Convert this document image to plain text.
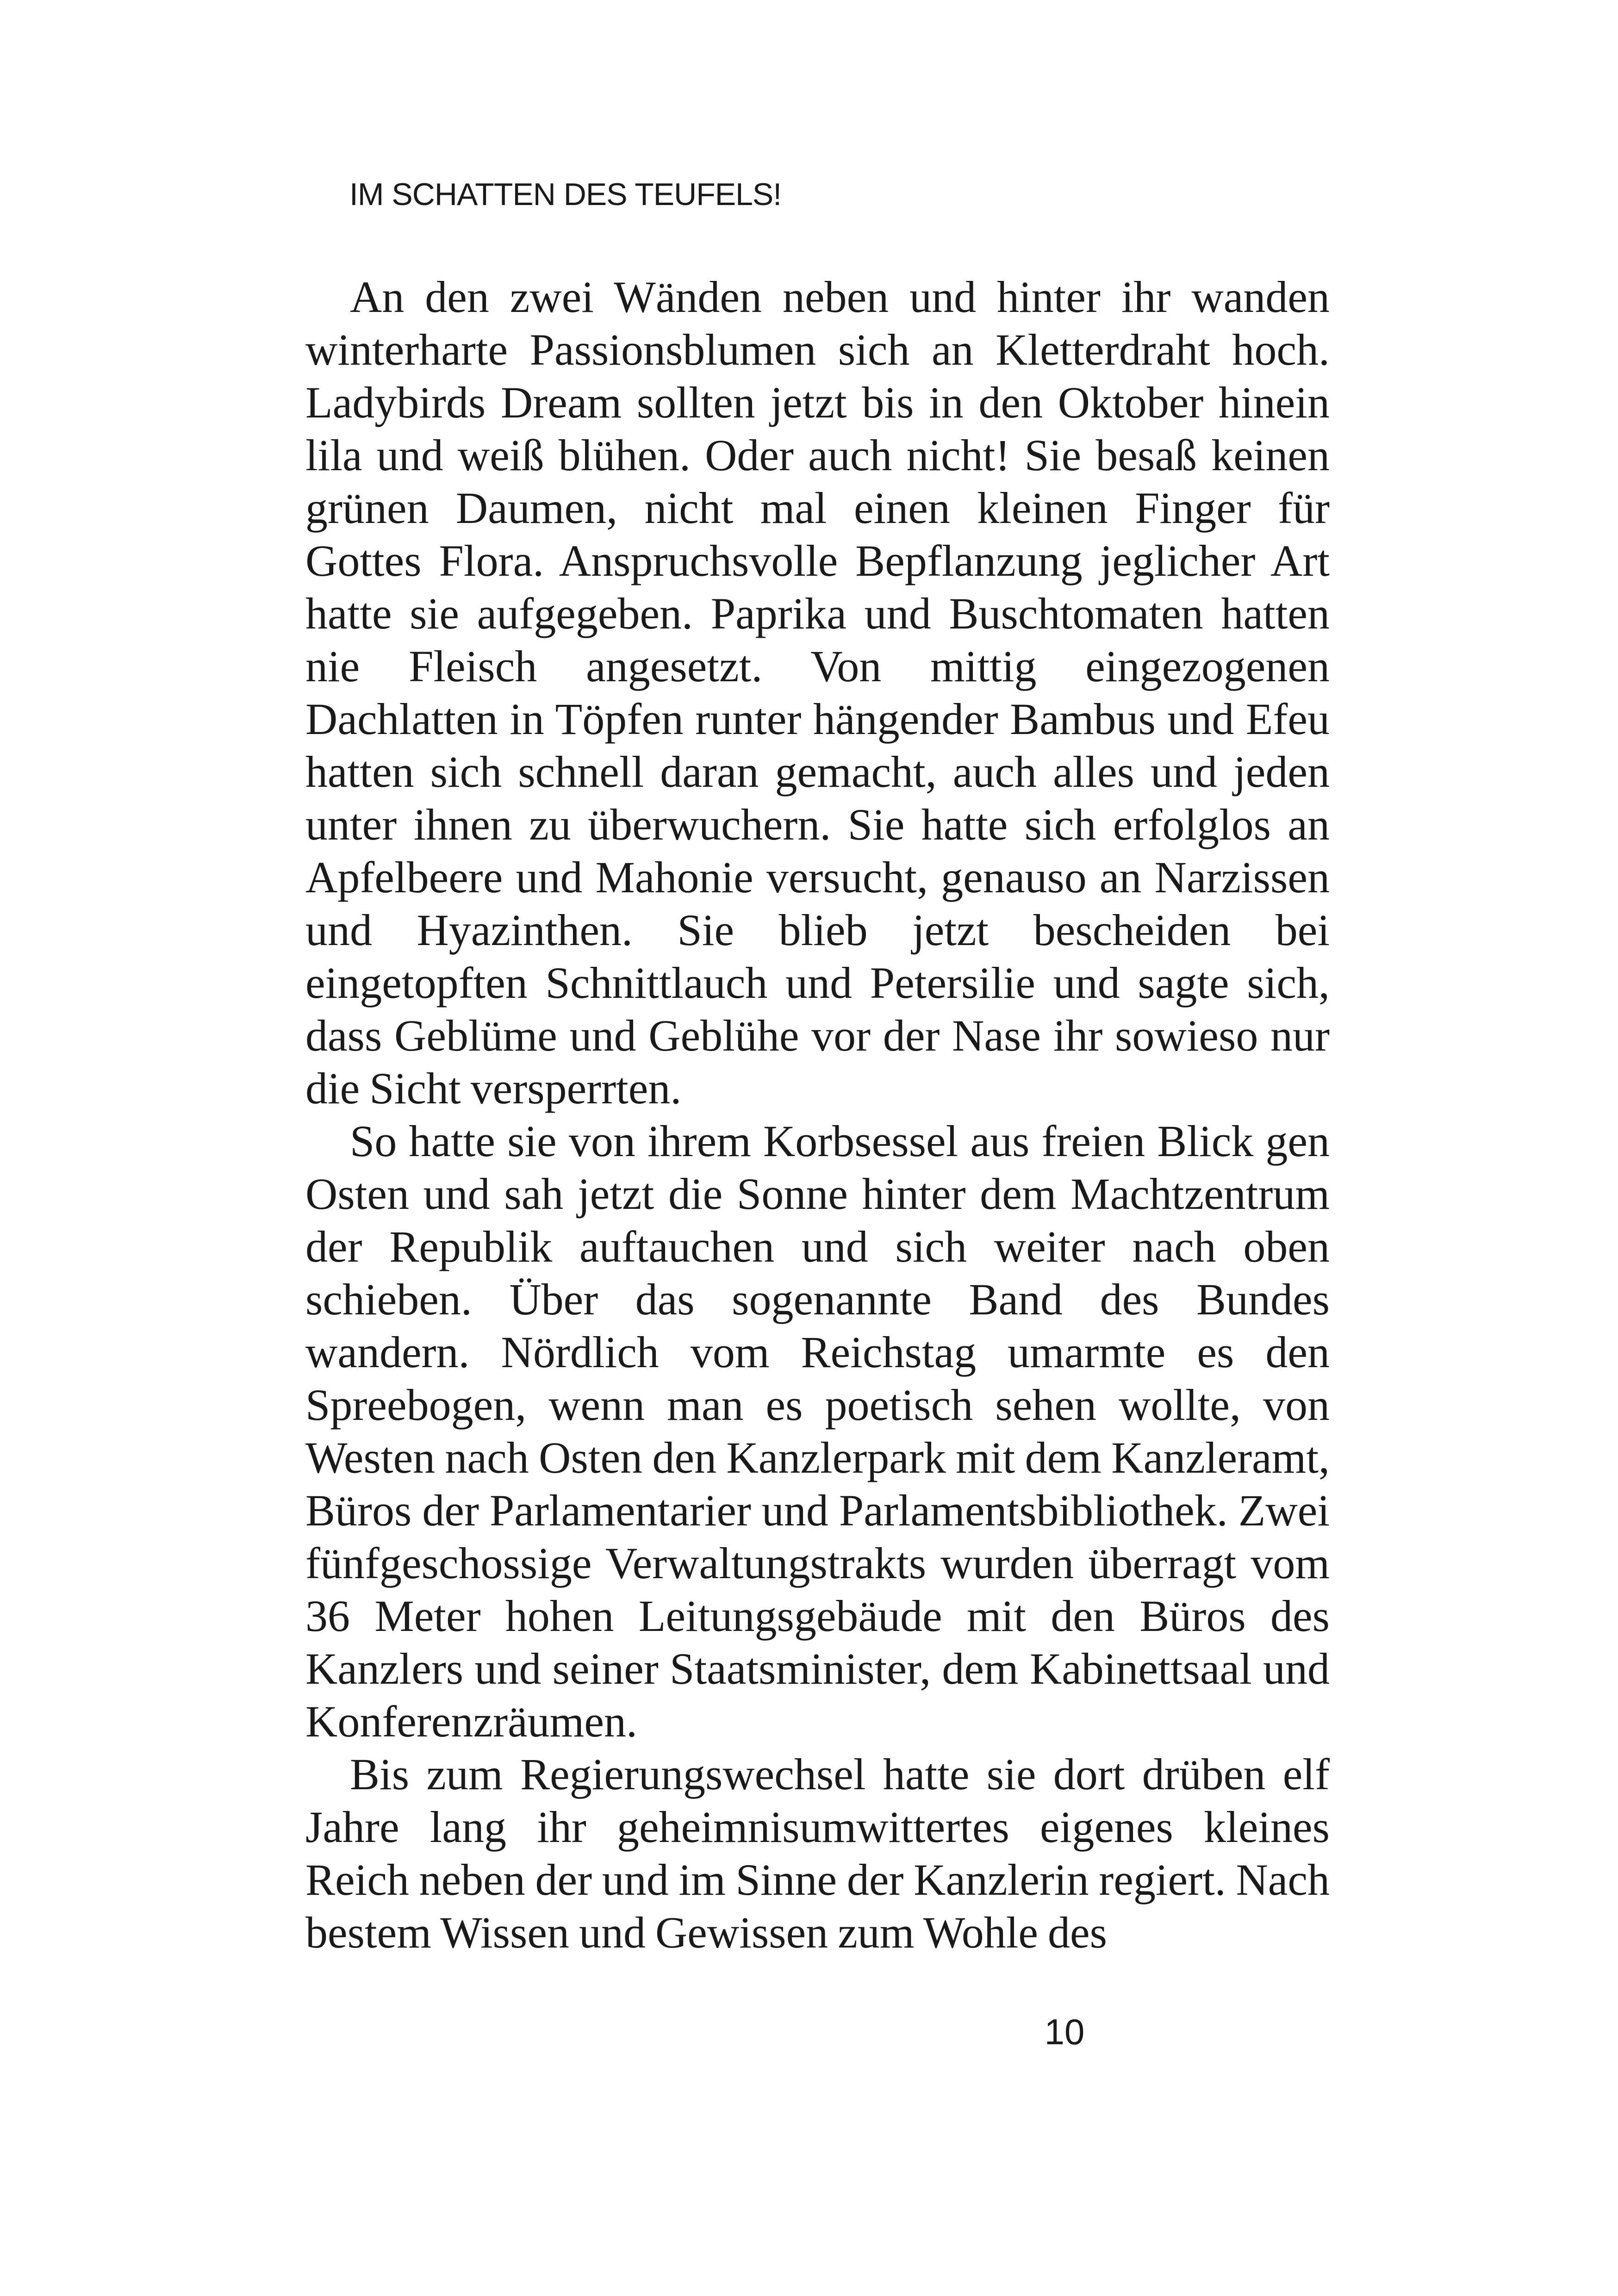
IM SCHATTEN DES TEUFELS!

An den zwei Wänden neben und hinter ihr wanden winterharte Passionsblumen sich an Kletterdraht hoch. Ladybirds Dream sollten jetzt bis in den Oktober hinein lila und weiß blühen. Oder auch nicht! Sie besaß keinen grünen Daumen, nicht mal einen kleinen Finger für Gottes Flora. Anspruchsvolle Bepflanzung jeglicher Art hatte sie aufgegeben. Paprika und Buschtomaten hatten nie Fleisch angesetzt. Von mittig eingezogenen Dachlatten in Töpfen runter hängender Bambus und Efeu hatten sich schnell daran gemacht, auch alles und jeden unter ihnen zu überwuchern. Sie hatte sich erfolglos an Apfelbeere und Mahonie versucht, genauso an Narzissen und Hyazinthen. Sie blieb jetzt bescheiden bei eingetopften Schnittlauch und Petersilie und sagte sich, dass Geblüme und Geblühe vor der Nase ihr sowieso nur die Sicht versperrten.

So hatte sie von ihrem Korbsessel aus freien Blick gen Osten und sah jetzt die Sonne hinter dem Machtzentrum der Republik auftauchen und sich weiter nach oben schieben. Über das sogenannte Band des Bundes wandern. Nördlich vom Reichstag umarmte es den Spreebogen, wenn man es poetisch sehen wollte, von Westen nach Osten den Kanzlerpark mit dem Kanzleramt, Büros der Parlamentarier und Parlamentsbibliothek. Zwei fünfgeschossige Verwaltungstrakts wurden überragt vom 36 Meter hohen Leitungsgebäude mit den Büros des Kanzlers und seiner Staatsminister, dem Kabinettsaal und Konferenzräumen.

Bis zum Regierungswechsel hatte sie dort drüben elf Jahre lang ihr geheimnisumwittertes eigenes kleines Reich neben der und im Sinne der Kanzlerin regiert. Nach bestem Wissen und Gewissen zum Wohle des

10
